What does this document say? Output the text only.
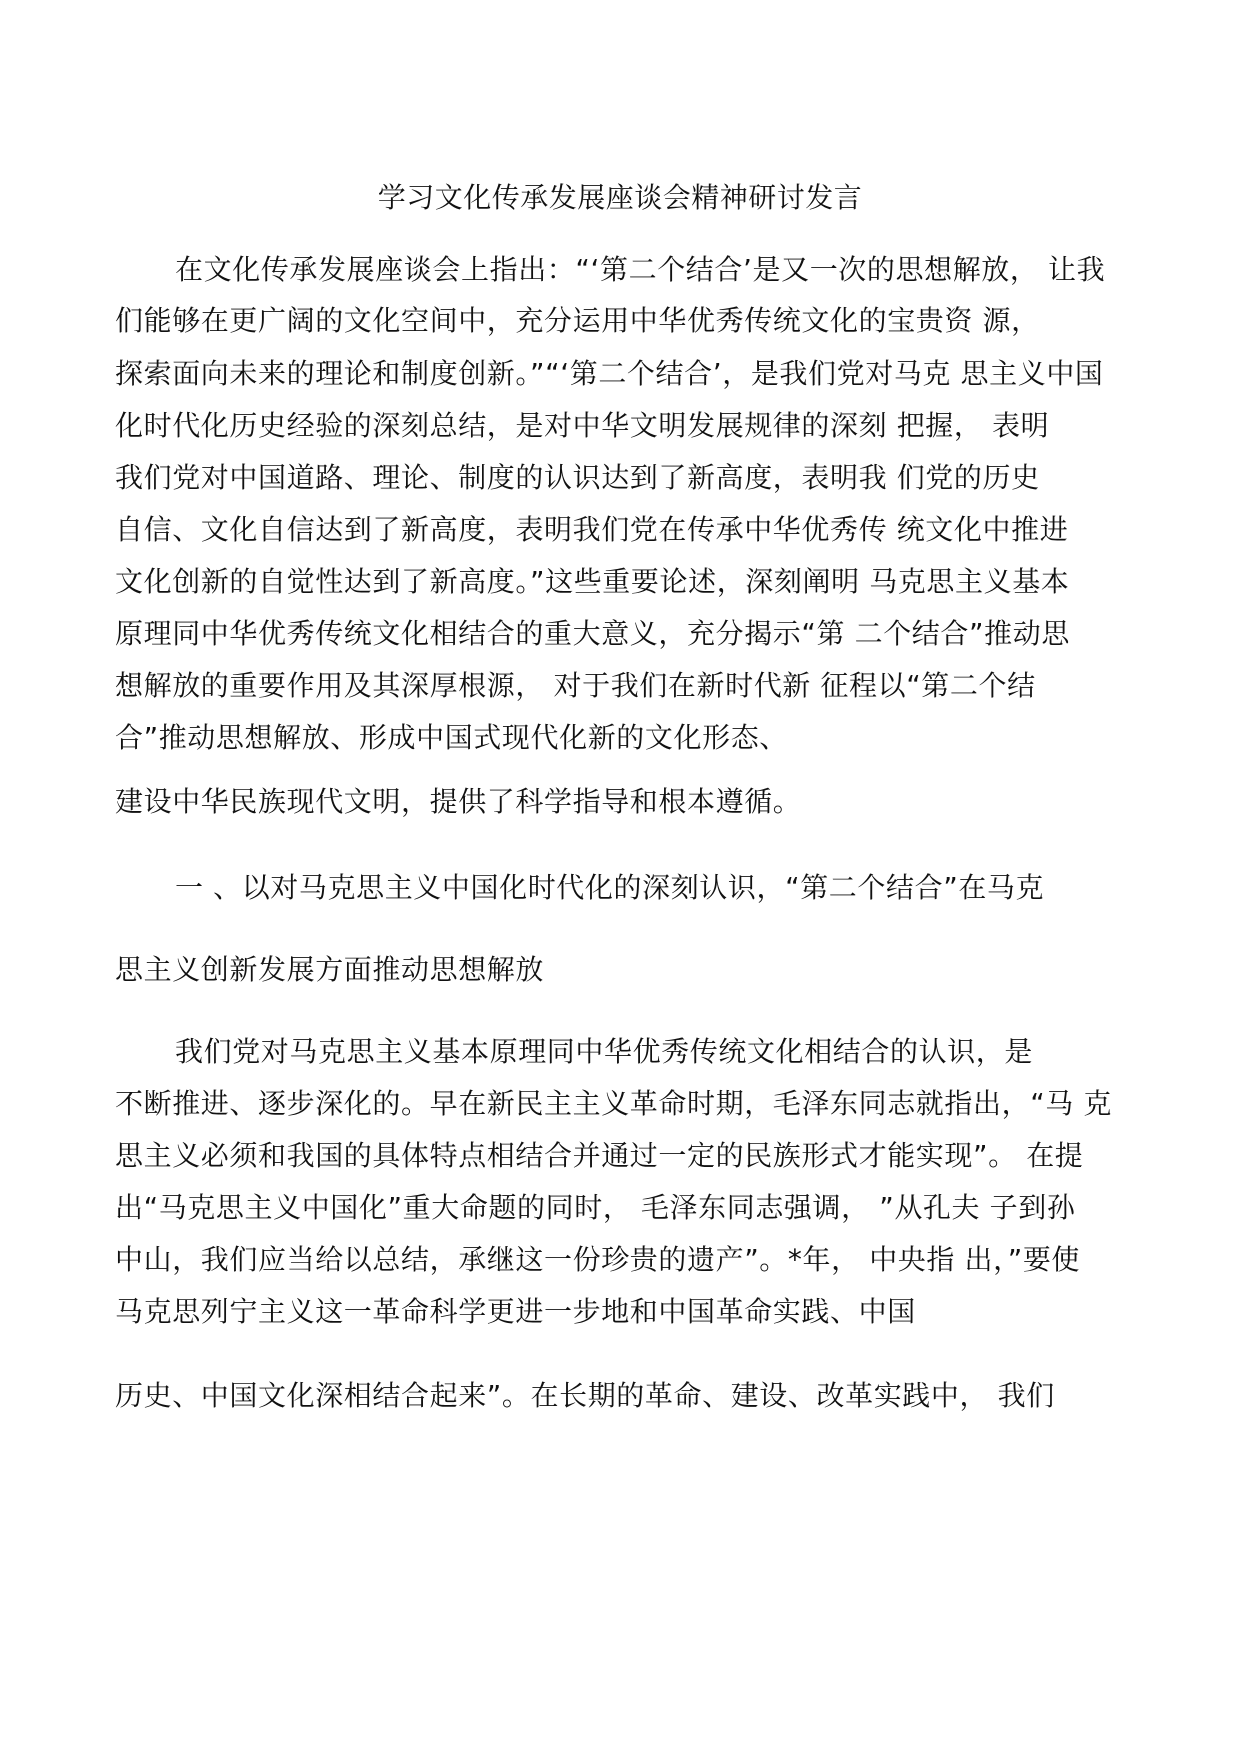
学习文化传承发展座谈会精神研讨发言
在文化传承发展座谈会上指出：“‘第二个结合’是又一次的思想解放， 让我
们能够在更广阔的文化空间中，充分运用中华优秀传统文化的宝贵资 源，
探索面向未来的理论和制度创新。”“‘第二个结合’，是我们党对马克 思主义中国
化时代化历史经验的深刻总结，是对中华文明发展规律的深刻 把握， 表明
我们党对中国道路、理论、制度的认识达到了新高度，表明我 们党的历史
自信、文化自信达到了新高度，表明我们党在传承中华优秀传 统文化中推进
文化创新的自觉性达到了新高度。”这些重要论述，深刻阐明 马克思主义基本
原理同中华优秀传统文化相结合的重大意义，充分揭示“第 二个结合”推动思
想解放的重要作用及其深厚根源， 对于我们在新时代新 征程以“第二个结
合”推动思想解放、形成中国式现代化新的文化形态、
建设中华民族现代文明，提供了科学指导和根本遵循。
一 、以对马克思主义中国化时代化的深刻认识，“第二个结合”在马克
思主义创新发展方面推动思想解放
我们党对马克思主义基本原理同中华优秀传统文化相结合的认识，是
不断推进、逐步深化的。早在新民主主义革命时期，毛泽东同志就指出，“马 克
思主义必须和我国的具体特点相结合并通过一定的民族形式才能实现”。 在提
出“马克思主义中国化”重大命题的同时， 毛泽东同志强调， ”从孔夫 子到孙
中山，我们应当给以总结，承继这一份珍贵的遗产”。*年， 中央指 出，”要使
马克思列宁主义这一革命科学更进一步地和中国革命实践、中国
历史、中国文化深相结合起来”。在长期的革命、建设、改革实践中， 我们
